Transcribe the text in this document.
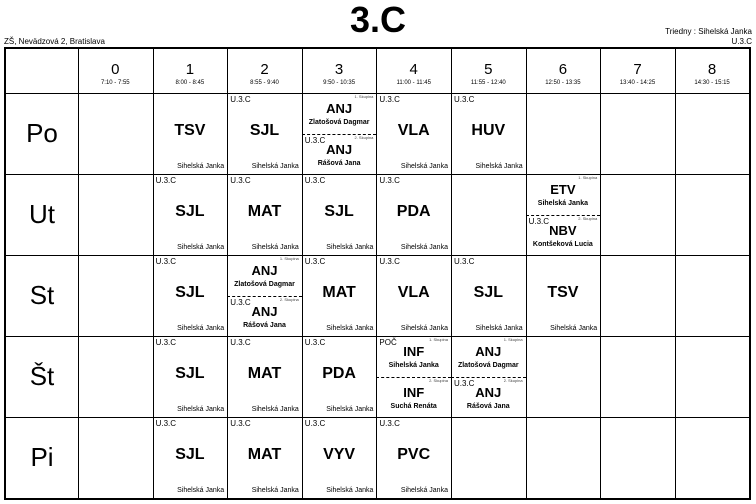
3.C
ZŠ, Nevädzová 2, Bratislava
Triedny : Sihelská Janka
U.3.C
0
7:10 - 7:55
1
8:00 - 8:45
2
8:55 - 9:40
3
9:50 - 10:35
4
11:00 - 11:45
5
11:55 - 12:40
6
12:50 - 13:35
7
13:40 - 14:25
8
14:30 - 15:15
Po
Ut
St
Št
Pi
TSV
Sihelská Janka
U.3.C
SJL
Sihelská Janka
1. Skupina
ANJ
Zlatošová Dagmar
2. Skupina
U.3.C
ANJ
Rášová Jana
U.3.C
VLA
Sihelská Janka
U.3.C
HUV
Sihelská Janka
U.3.C
SJL
Sihelská Janka
U.3.C
MAT
Sihelská Janka
U.3.C
SJL
Sihelská Janka
U.3.C
PDA
Sihelská Janka
1. Skupina
ETV
Sihelská Janka
2. Skupina
U.3.C
NBV
Kontšeková Lucia
U.3.C
SJL
Sihelská Janka
1. Skupina
ANJ
Zlatošová Dagmar
2. Skupina
U.3.C
ANJ
Rášová Jana
U.3.C
MAT
Sihelská Janka
U.3.C
VLA
Sihelská Janka
U.3.C
SJL
Sihelská Janka
TSV
Sihelská Janka
U.3.C
SJL
Sihelská Janka
U.3.C
MAT
Sihelská Janka
U.3.C
PDA
Sihelská Janka
1. Skupina
POČ
INF
Sihelská Janka
2. Skupina
INF
Suchá Renáta
1. Skupina
ANJ
Zlatošová Dagmar
2. Skupina
U.3.C
ANJ
Rášová Jana
U.3.C
SJL
Sihelská Janka
U.3.C
MAT
Sihelská Janka
U.3.C
VYV
Sihelská Janka
U.3.C
PVC
Sihelská Janka
